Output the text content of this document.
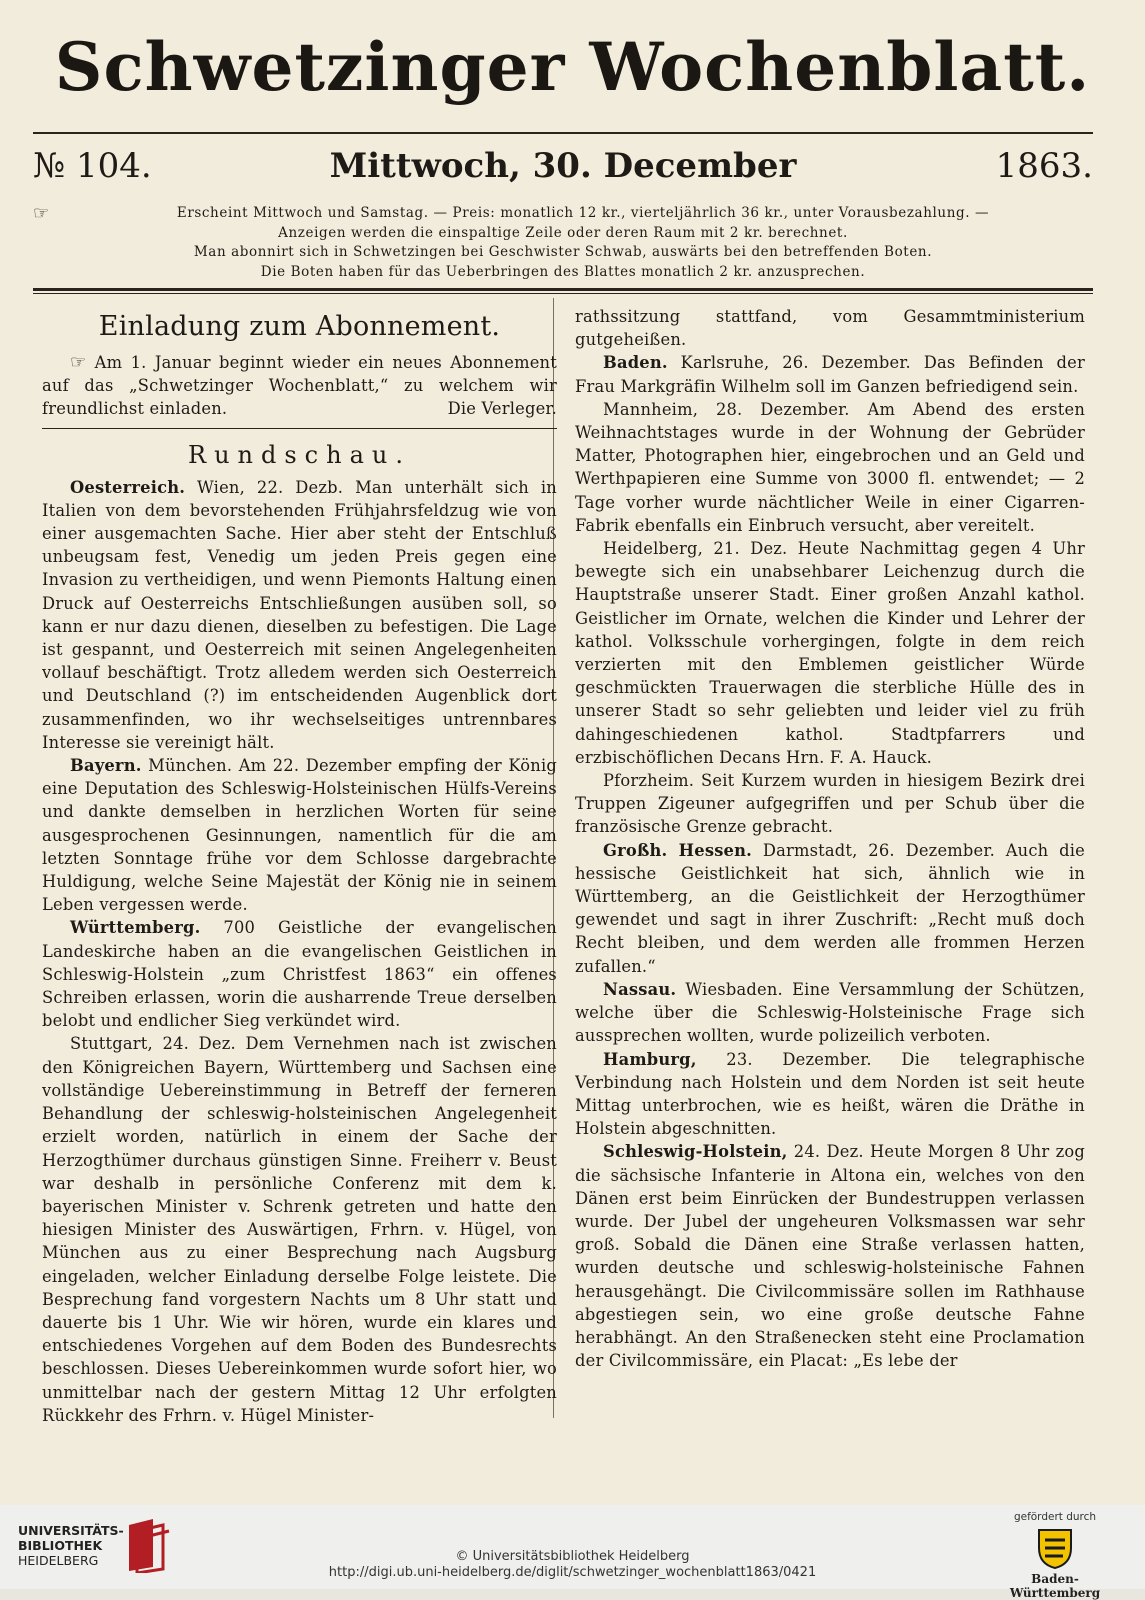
Schwetzinger Wochenblatt.
№ 104.	Mittwoch, 30. December	1863.
☞	Erscheint Mittwoch und Samstag. — Preis: monatlich 12 kr., vierteljährlich 36 kr., unter Vorausbezahlung. —
Anzeigen werden die einspaltige Zeile oder deren Raum mit 2 kr. berechnet.
Man abonnirt sich in Schwetzingen bei Geschwister Schwab, auswärts bei den betreffenden Boten.
Die Boten haben für das Ueberbringen des Blattes monatlich 2 kr. anzusprechen.
Einladung zum Abonnement.

☞ Am 1. Januar beginnt wieder ein neues Abonnement auf das „Schwetzinger Wochenblatt,“ zu welchem wir freundlichst einladen.	Die Verleger.

Rundschau.

Oesterreich. Wien, 22. Dezb. Man unterhält sich in Italien von dem bevorstehenden Frühjahrsfeldzug wie von einer ausgemachten Sache. Hier aber steht der Entschluß unbeugsam fest, Venedig um jeden Preis gegen eine Invasion zu vertheidigen, und wenn Piemonts Haltung einen Druck auf Oesterreichs Entschließungen ausüben soll, so kann er nur dazu dienen, dieselben zu befestigen. Die Lage ist gespannt, und Oesterreich mit seinen Angelegenheiten vollauf beschäftigt. Trotz alledem werden sich Oesterreich und Deutschland (?) im entscheidenden Augenblick dort zusammenfinden, wo ihr wechselseitiges untrennbares Interesse sie vereinigt hält.

Bayern. München. Am 22. Dezember empfing der König eine Deputation des Schleswig-Holsteinischen Hülfs-Vereins und dankte demselben in herzlichen Worten für seine ausgesprochenen Gesinnungen, namentlich für die am letzten Sonntage frühe vor dem Schlosse dargebrachte Huldigung, welche Seine Majestät der König nie in seinem Leben vergessen werde.

Württemberg. 700 Geistliche der evangelischen Landeskirche haben an die evangelischen Geistlichen in Schleswig-Holstein „zum Christfest 1863“ ein offenes Schreiben erlassen, worin die ausharrende Treue derselben belobt und endlicher Sieg verkündet wird.

Stuttgart, 24. Dez. Dem Vernehmen nach ist zwischen den Königreichen Bayern, Württemberg und Sachsen eine vollständige Uebereinstimmung in Betreff der ferneren Behandlung der schleswig-holsteinischen Angelegenheit erzielt worden, natürlich in einem der Sache der Herzogthümer durchaus günstigen Sinne. Freiherr v. Beust war deshalb in persönliche Conferenz mit dem k. bayerischen Minister v. Schrenk getreten und hatte den hiesigen Minister des Auswärtigen, Frhrn. v. Hügel, von München aus zu einer Besprechung nach Augsburg eingeladen, welcher Einladung derselbe Folge leistete. Die Besprechung fand vorgestern Nachts um 8 Uhr statt und dauerte bis 1 Uhr. Wie wir hören, wurde ein klares und entschiedenes Vorgehen auf dem Boden des Bundesrechts beschlossen. Dieses Uebereinkommen wurde sofort hier, wo unmittelbar nach der gestern Mittag 12 Uhr erfolgten Rückkehr des Frhrn. v. Hügel Minister-

rathssitzung stattfand, vom Gesammtministerium gutgeheißen.

Baden. Karlsruhe, 26. Dezember. Das Befinden der Frau Markgräfin Wilhelm soll im Ganzen befriedigend sein.

Mannheim, 28. Dezember. Am Abend des ersten Weihnachtstages wurde in der Wohnung der Gebrüder Matter, Photographen hier, eingebrochen und an Geld und Werthpapieren eine Summe von 3000 fl. entwendet; — 2 Tage vorher wurde nächtlicher Weile in einer Cigarren-Fabrik ebenfalls ein Einbruch versucht, aber vereitelt.

Heidelberg, 21. Dez. Heute Nachmittag gegen 4 Uhr bewegte sich ein unabsehbarer Leichenzug durch die Hauptstraße unserer Stadt. Einer großen Anzahl kathol. Geistlicher im Ornate, welchen die Kinder und Lehrer der kathol. Volksschule vorhergingen, folgte in dem reich verzierten mit den Emblemen geistlicher Würde geschmückten Trauerwagen die sterbliche Hülle des in unserer Stadt so sehr geliebten und leider viel zu früh dahingeschiedenen kathol. Stadtpfarrers und erzbischöflichen Decans Hrn. F. A. Hauck.

Pforzheim. Seit Kurzem wurden in hiesigem Bezirk drei Truppen Zigeuner aufgegriffen und per Schub über die französische Grenze gebracht.

Großh. Hessen. Darmstadt, 26. Dezember. Auch die hessische Geistlichkeit hat sich, ähnlich wie in Württemberg, an die Geistlichkeit der Herzogthümer gewendet und sagt in ihrer Zuschrift: „Recht muß doch Recht bleiben, und dem werden alle frommen Herzen zufallen.“

Nassau. Wiesbaden. Eine Versammlung der Schützen, welche über die Schleswig-Holsteinische Frage sich aussprechen wollten, wurde polizeilich verboten.

Hamburg, 23. Dezember. Die telegraphische Verbindung nach Holstein und dem Norden ist seit heute Mittag unterbrochen, wie es heißt, wären die Dräthe in Holstein abgeschnitten.

Schleswig-Holstein, 24. Dez. Heute Morgen 8 Uhr zog die sächsische Infanterie in Altona ein, welches von den Dänen erst beim Einrücken der Bundestruppen verlassen wurde. Der Jubel der ungeheuren Volksmassen war sehr groß. Sobald die Dänen eine Straße verlassen hatten, wurden deutsche und schleswig-holsteinische Fahnen herausgehängt. Die Civilcommissäre sollen im Rathhause abgestiegen sein, wo eine große deutsche Fahne herabhängt. An den Straßenecken steht eine Proclamation der Civilcommissäre, ein Placat: „Es lebe der

UNIVERSITÄTS-
BIBLIOTHEK
HEIDELBERG	© Universitätsbibliothek Heidelberg
http://digi.ub.uni-heidelberg.de/diglit/schwetzinger_wochenblatt1863/0421
gefördert durch
Baden-Württemberg
